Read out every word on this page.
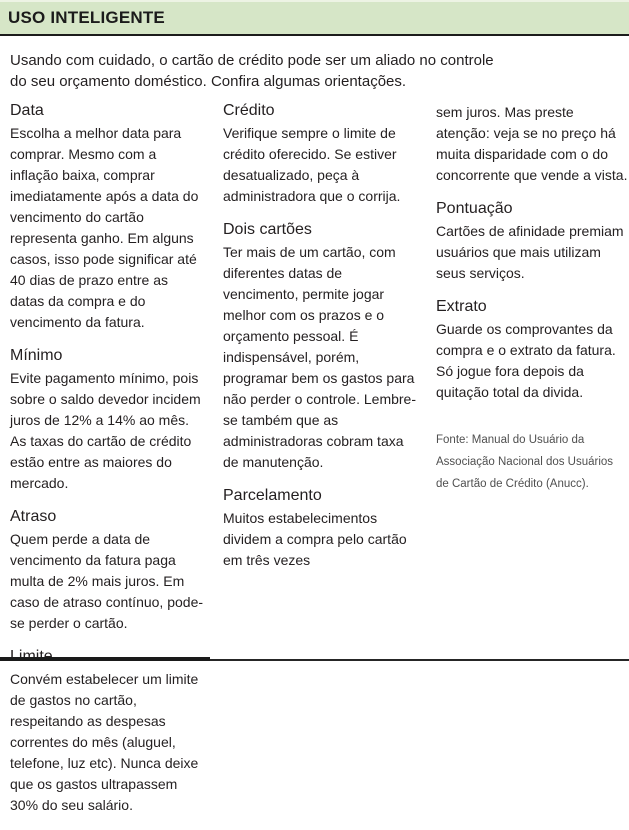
USO INTELIGENTE

Usando com cuidado, o cartão de crédito pode ser um aliado no controle do seu orçamento doméstico. Confira algumas orientações.

Data

Escolha a melhor data para comprar. Mesmo com a inflação baixa, comprar imediatamente após a data do vencimento do cartão representa ganho. Em alguns casos, isso pode significar até 40 dias de prazo entre as datas da compra e do vencimento da fatura.

Mínimo

Evite pagamento mínimo, pois sobre o saldo devedor incidem juros de 12% a 14% ao mês. As taxas do cartão de crédito estão entre as maiores do mercado.

Atraso

Quem perde a data de vencimento da fatura paga multa de 2% mais juros. Em caso de atraso contínuo, pode-se perder o cartão.

Convém estabelecer um limite de gastos no cartão, respeitando as despesas correntes do mês (aluguel, telefone, luz etc). Nunca deixe que os gastos ultrapassem 30% do seu salário.

Crédito

Verifique sempre o limite de crédito oferecido. Se estiver desatualizado, peça à administradora que o corrija.

Dois cartões

Ter mais de um cartão, com diferentes datas de vencimento, permite jogar melhor com os prazos e o orçamento pessoal. É indispensável, porém, programar bem os gastos para não perder o controle. Lembre-se também que as administradoras cobram taxa de manutenção.

Parcelamento

Muitos estabelecimentos dividem a compra pelo cartão em três vezes

sem juros. Mas preste atenção: veja se no preço há muita disparidade com o do concorrente que vende a vista.

Pontuação

Cartões de afinidade premiam usuários que mais utilizam seus serviços.

Extrato

Guarde os comprovantes da compra e o extrato da fatura. Só jogue fora depois da quitação total da divida.

Fonte: Manual do Usuário da Associação Nacional dos Usuários de Cartão de Crédito (Anucc).
